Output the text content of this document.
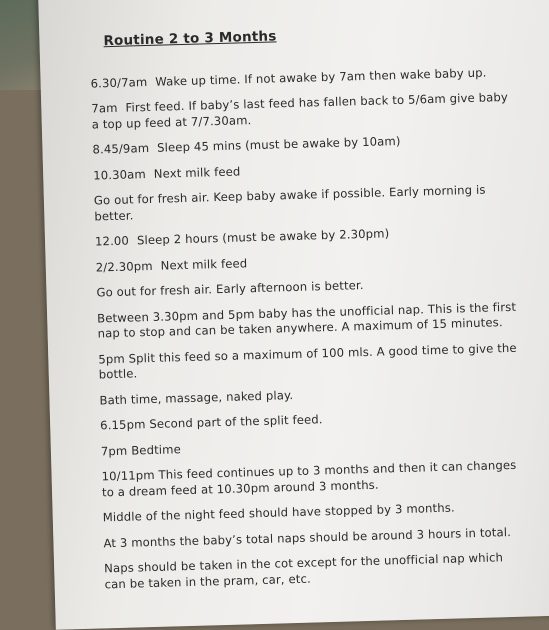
Routine 2 to 3 Months
6.30/7am Wake up time. If not awake by 7am then wake baby up.
7am First feed. If baby’s last feed has fallen back to 5/6am give baby a top up feed at 7/7.30am.
8.45/9am Sleep 45 mins (must be awake by 10am)
10.30am Next milk feed
Go out for fresh air. Keep baby awake if possible. Early morning is better.
12.00 Sleep 2 hours (must be awake by 2.30pm)
2/2.30pm Next milk feed
Go out for fresh air. Early afternoon is better.
Between 3.30pm and 5pm baby has the unofficial nap. This is the first nap to stop and can be taken anywhere. A maximum of 15 minutes.
5pm Split this feed so a maximum of 100 mls. A good time to give the bottle.
Bath time, massage, naked play.
6.15pm Second part of the split feed.
7pm Bedtime
10/11pm This feed continues up to 3 months and then it can changes to a dream feed at 10.30pm around 3 months.
Middle of the night feed should have stopped by 3 months.
At 3 months the baby’s total naps should be around 3 hours in total.
Naps should be taken in the cot except for the unofficial nap which can be taken in the pram, car, etc.
